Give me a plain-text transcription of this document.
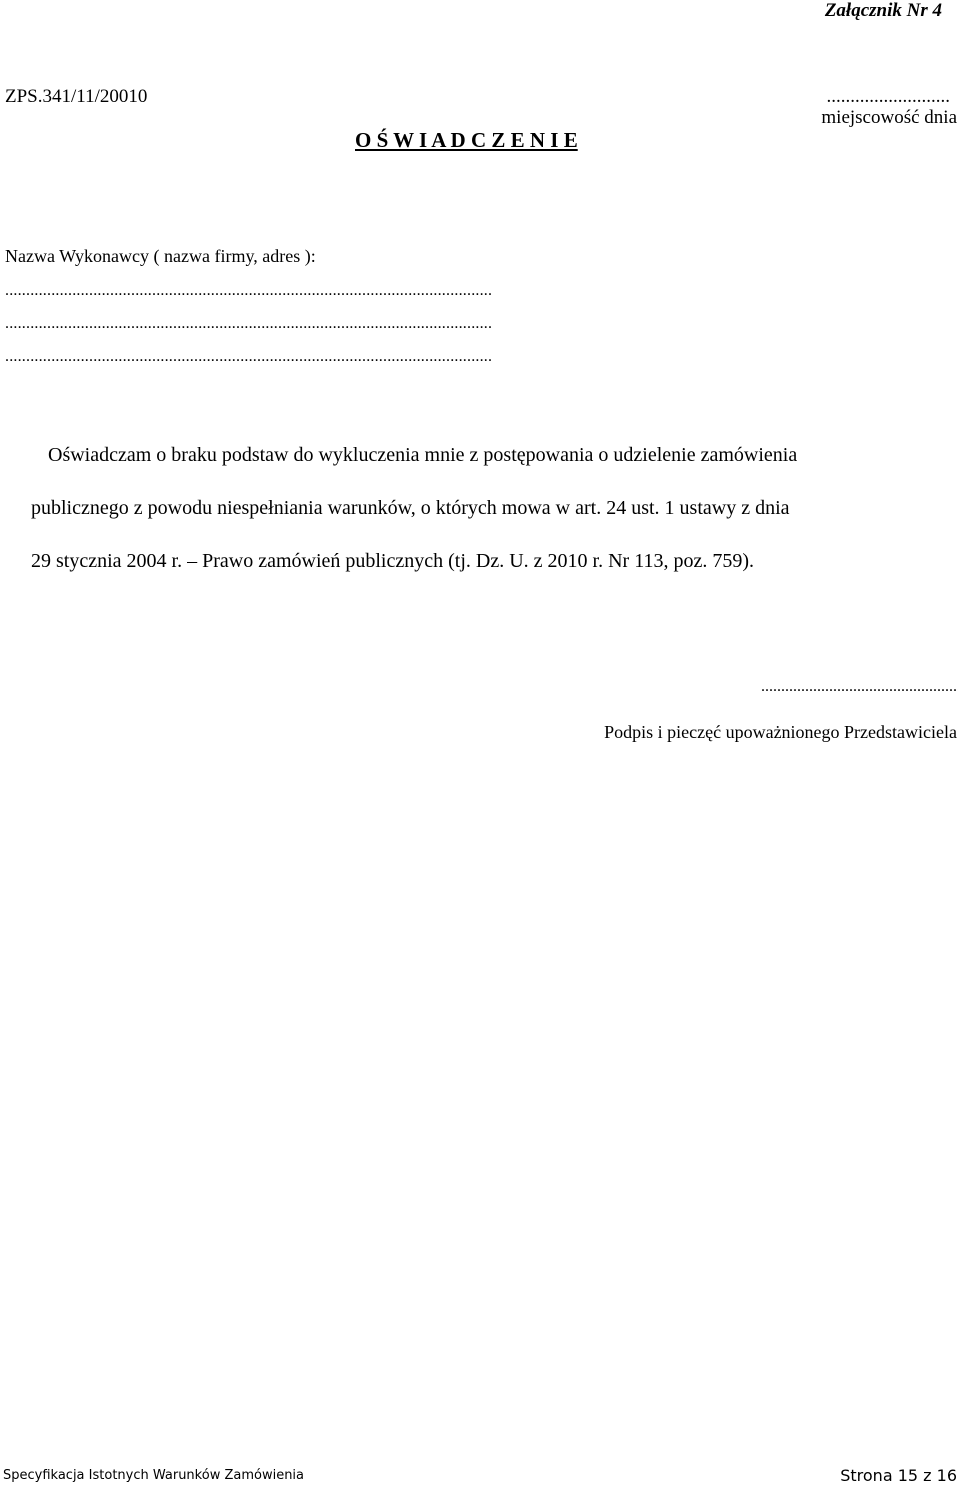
Załącznik Nr 4
ZPS.341/11/20010	..........................
miejscowość dnia
O Ś W I A D C Z E N I E
Nazwa Wykonawcy ( nazwa firmy, adres ):
....................................................................................................................
....................................................................................................................
....................................................................................................................
Oświadczam o braku podstaw do wykluczenia mnie z postępowania o udzielenie zamówienia
publicznego z powodu niespełniania warunków, o których mowa w art. 24 ust. 1 ustawy z dnia
29 stycznia 2004 r. – Prawo zamówień publicznych (tj. Dz. U. z 2010 r. Nr 113, poz. 759).
.................................................
Podpis i pieczęć upoważnionego Przedstawiciela
Specyfikacja Istotnych Warunków Zamówienia	Strona 15 z 16
